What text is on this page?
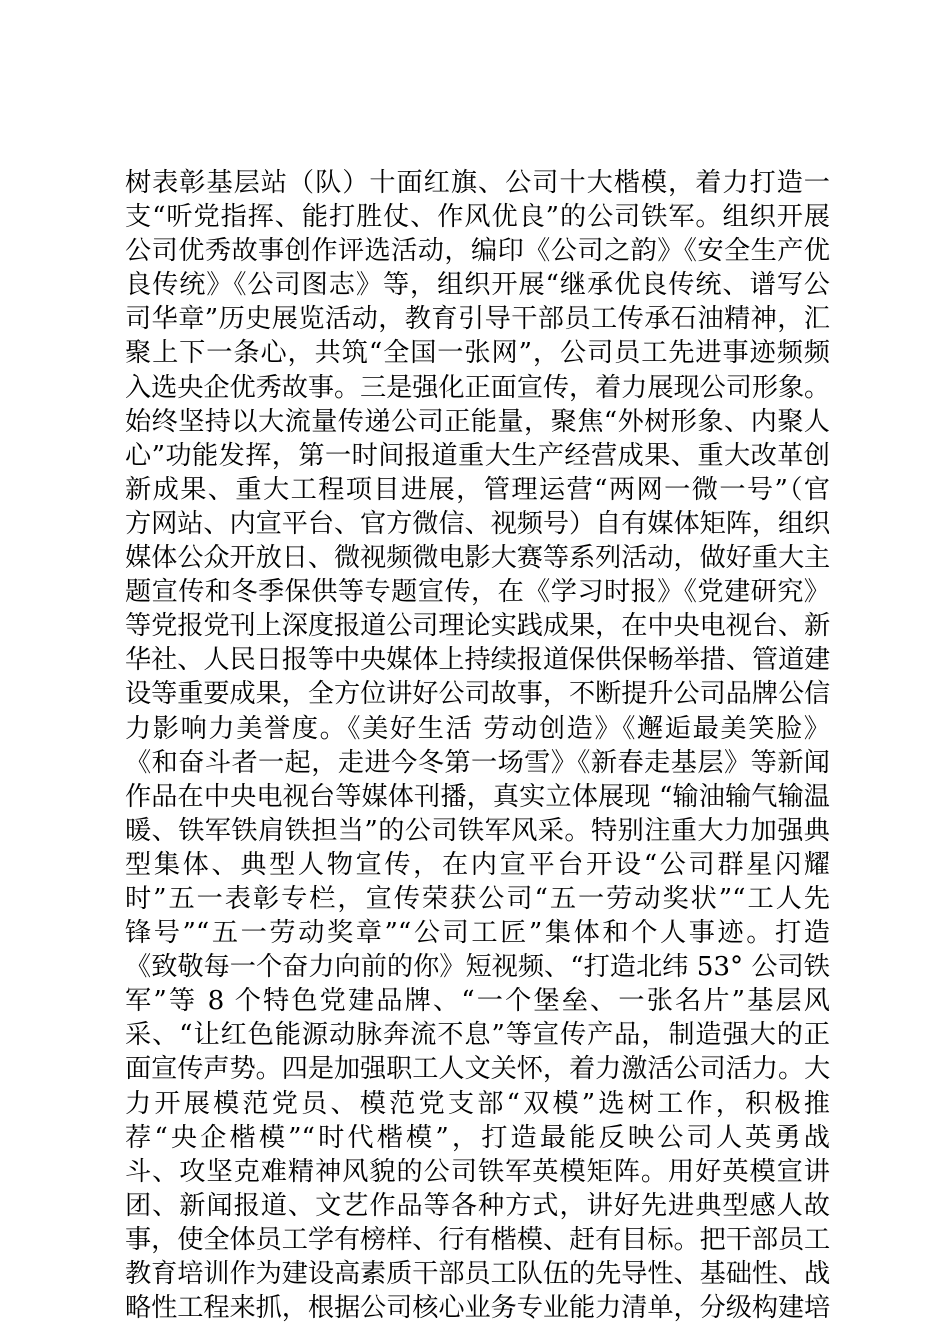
树表彰基层站（队）十面红旗、公司十大楷模，着力打造一
支“听党指挥、能打胜仗、作风优良”的公司铁军。组织开展
公司优秀故事创作评选活动，编印《公司之韵》《安全生产优
良传统》《公司图志》等，组织开展“继承优良传统、谱写公
司华章”历史展览活动，教育引导干部员工传承石油精神，汇
聚上下一条心，共筑“全国一张网”，公司员工先进事迹频频
入选央企优秀故事。三是强化正面宣传，着力展现公司形象。
始终坚持以大流量传递公司正能量，聚焦“外树形象、内聚人
心”功能发挥，第一时间报道重大生产经营成果、重大改革创
新成果、重大工程项目进展，管理运营“两网一微一号”（官
方网站、内宣平台、官方微信、视频号）自有媒体矩阵，组织
媒体公众开放日、微视频微电影大赛等系列活动，做好重大主
题宣传和冬季保供等专题宣传，在《学习时报》《党建研究》
等党报党刊上深度报道公司理论实践成果，在中央电视台、新
华社、人民日报等中央媒体上持续报道保供保畅举措、管道建
设等重要成果，全方位讲好公司故事，不断提升公司品牌公信
力影响力美誉度。《美好生活 劳动创造》《邂逅最美笑脸》
《和奋斗者一起，走进今冬第一场雪》《新春走基层》等新闻
作品在中央电视台等媒体刊播，真实立体展现 “输油输气输温
暖、铁军铁肩铁担当”的公司铁军风采。特别注重大力加强典
型集体、典型人物宣传，在内宣平台开设“公司群星闪耀
时”五一表彰专栏，宣传荣获公司“五一劳动奖状”“工人先
锋号”“五一劳动奖章”“公司工匠”集体和个人事迹。打造
《致敬每一个奋力向前的你》短视频、“打造北纬 53° 公司铁
军”等 8 个特色党建品牌、“一个堡垒、一张名片”基层风
采、“让红色能源动脉奔流不息”等宣传产品，制造强大的正
面宣传声势。四是加强职工人文关怀，着力激活公司活力。大
力开展模范党员、模范党支部“双模”选树工作，积极推
荐“央企楷模”“时代楷模”，打造最能反映公司人英勇战
斗、攻坚克难精神风貌的公司铁军英模矩阵。用好英模宣讲
团、新闻报道、文艺作品等各种方式，讲好先进典型感人故
事，使全体员工学有榜样、行有楷模、赶有目标。把干部员工
教育培训作为建设高素质干部员工队伍的先导性、基础性、战
略性工程来抓，根据公司核心业务专业能力清单，分级构建培
